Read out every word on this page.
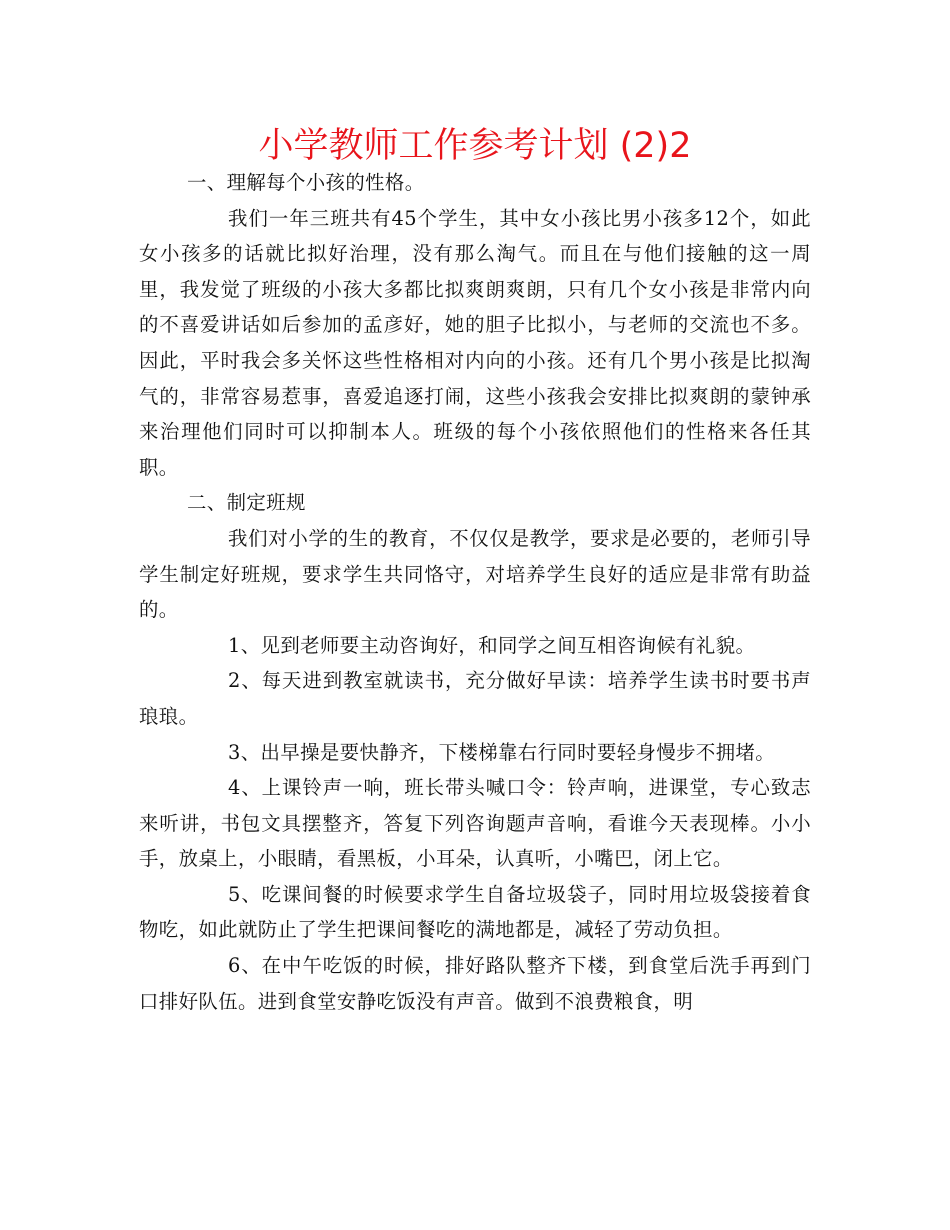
小学教师工作参考计划 (2)2

一、理解每个小孩的性格。

我们一年三班共有45个学生，其中女小孩比男小孩多12个，如此女小孩多的话就比拟好治理，没有那么淘气。而且在与他们接触的这一周里，我发觉了班级的小孩大多都比拟爽朗爽朗，只有几个女小孩是非常内向的不喜爱讲话如后参加的孟彦好，她的胆子比拟小，与老师的交流也不多。因此，平时我会多关怀这些性格相对内向的小孩。还有几个男小孩是比拟淘气的，非常容易惹事，喜爱追逐打闹，这些小孩我会安排比拟爽朗的蒙钟承来治理他们同时可以抑制本人。班级的每个小孩依照他们的性格来各任其职。

二、制定班规

我们对小学的生的教育，不仅仅是教学，要求是必要的，老师引导学生制定好班规，要求学生共同恪守，对培养学生良好的适应是非常有助益的。

1、见到老师要主动咨询好，和同学之间互相咨询候有礼貌。

2、每天进到教室就读书，充分做好早读：培养学生读书时要书声琅琅。

3、出早操是要快静齐，下楼梯靠右行同时要轻身慢步不拥堵。

4、上课铃声一响，班长带头喊口令：铃声响，进课堂，专心致志来听讲，书包文具摆整齐，答复下列咨询题声音响，看谁今天表现棒。小小手，放桌上，小眼睛，看黑板，小耳朵，认真听，小嘴巴，闭上它。

5、吃课间餐的时候要求学生自备垃圾袋子，同时用垃圾袋接着食物吃，如此就防止了学生把课间餐吃的满地都是，减轻了劳动负担。

6、在中午吃饭的时候，排好路队整齐下楼，到食堂后洗手再到门口排好队伍。进到食堂安静吃饭没有声音。做到不浪费粮食，明
